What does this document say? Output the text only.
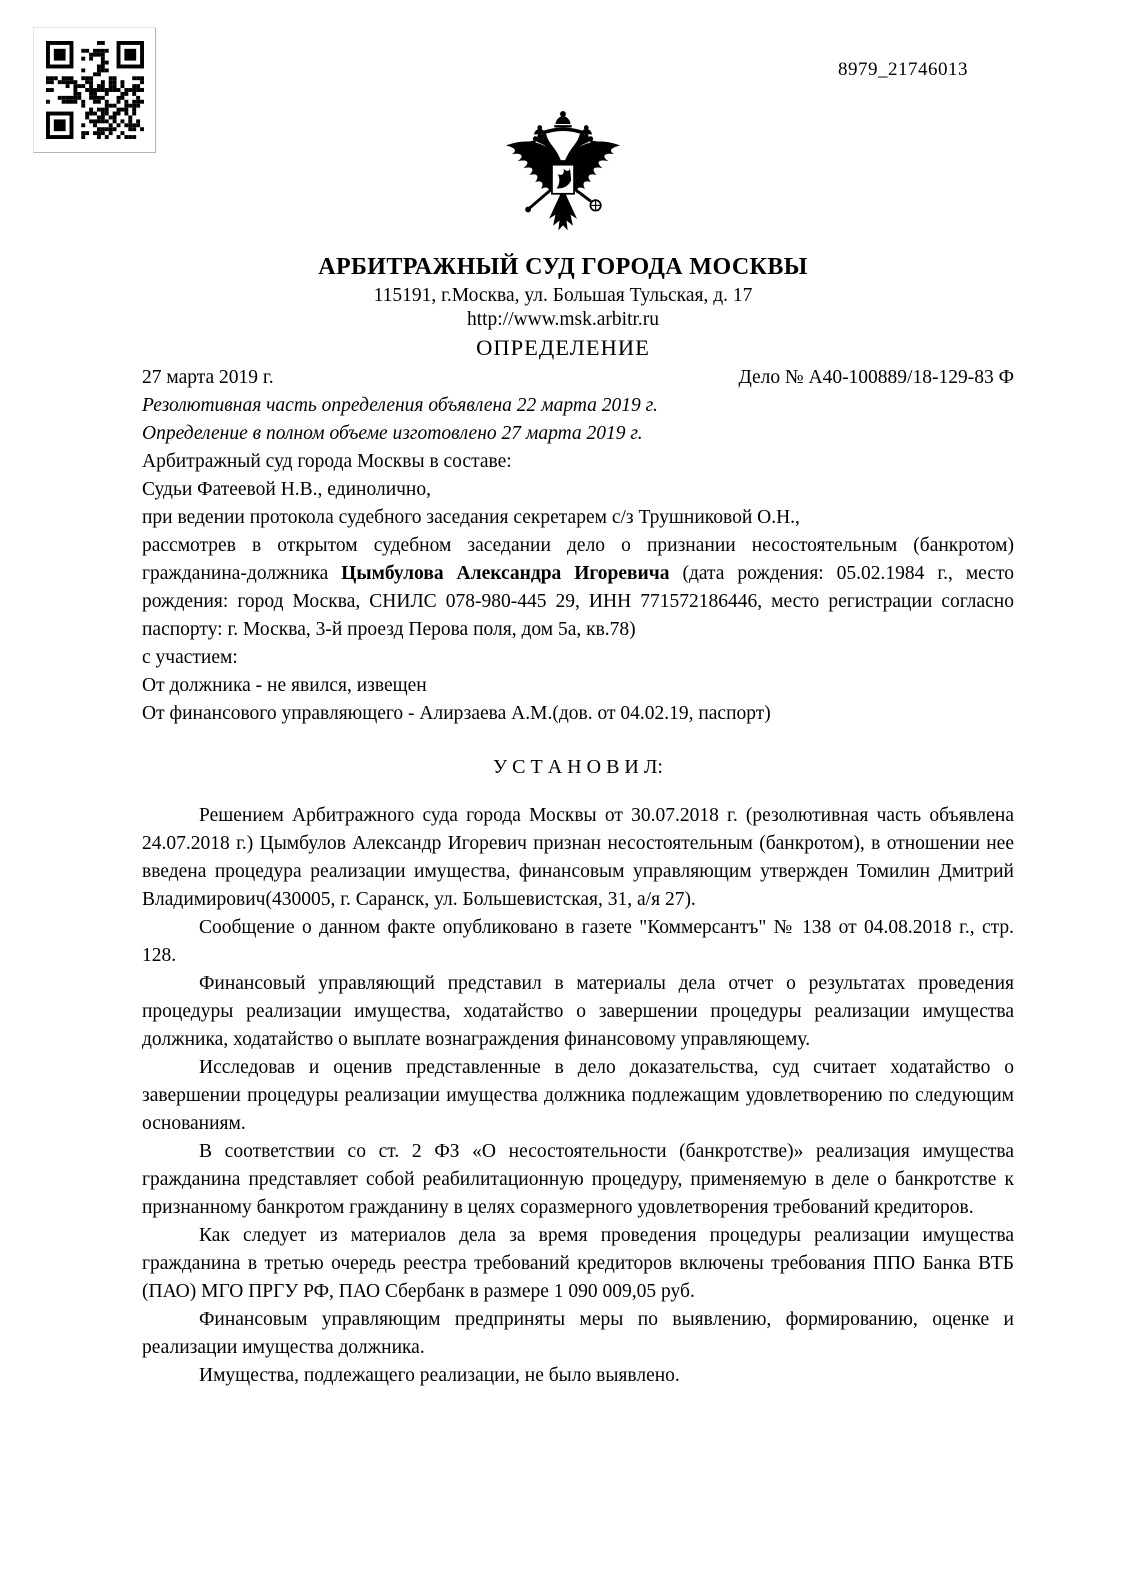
8979_21746013
АРБИТРАЖНЫЙ СУД ГОРОДА МОСКВЫ
115191, г.Москва, ул. Большая Тульская, д. 17
http://www.msk.arbitr.ru
ОПРЕДЕЛЕНИЕ
27 марта 2019 г.	Дело № А40-100889/18-129-83 Ф

Резолютивная часть определения объявлена 22 марта 2019 г.

Определение в полном объеме изготовлено 27 марта 2019 г.

Арбитражный суд города Москвы в составе:

Судьи Фатеевой Н.В., единолично,

при ведении протокола судебного заседания секретарем с/з Трушниковой О.Н.,

рассмотрев в открытом судебном заседании дело о признании несостоятельным (банкротом) гражданина-должника Цымбулова Александра Игоревича (дата рождения: 05.02.1984 г., место рождения: город Москва, СНИЛС 078-980-445 29, ИНН 771572186446, место регистрации согласно паспорту: г. Москва, 3-й проезд Перова поля, дом 5а, кв.78)

с участием:

От должника - не явился, извещен

От финансового управляющего - Алирзаева А.М.(дов. от 04.02.19, паспорт)

У С Т А Н О В И Л:

Решением Арбитражного суда города Москвы от 30.07.2018 г. (резолютивная часть объявлена 24.07.2018 г.) Цымбулов Александр Игоревич признан несостоятельным (банкротом), в отношении нее введена процедура реализации имущества, финансовым управляющим утвержден Томилин Дмитрий Владимирович(430005, г. Саранск, ул. Большевистская, 31, а/я 27).

Сообщение о данном факте опубликовано в газете "Коммерсантъ" № 138 от 04.08.2018 г., стр. 128.

Финансовый управляющий представил в материалы дела отчет о результатах проведения процедуры реализации имущества, ходатайство о завершении процедуры реализации имущества должника, ходатайство о выплате вознаграждения финансовому управляющему.

Исследовав и оценив представленные в дело доказательства, суд считает ходатайство о завершении процедуры реализации имущества должника подлежащим удовлетворению по следующим основаниям.

В соответствии со ст. 2 ФЗ «О несостоятельности (банкротстве)» реализация имущества гражданина представляет собой реабилитационную процедуру, применяемую в деле о банкротстве к признанному банкротом гражданину в целях соразмерного удовлетворения требований кредиторов.

Как следует из материалов дела за время проведения процедуры реализации имущества гражданина в третью очередь реестра требований кредиторов включены требования ППО Банка ВТБ (ПАО) МГО ПРГУ РФ, ПАО Сбербанк в размере 1 090 009,05 руб.

Финансовым управляющим предприняты меры по выявлению, формированию, оценке и реализации имущества должника.

Имущества, подлежащего реализации, не было выявлено.
